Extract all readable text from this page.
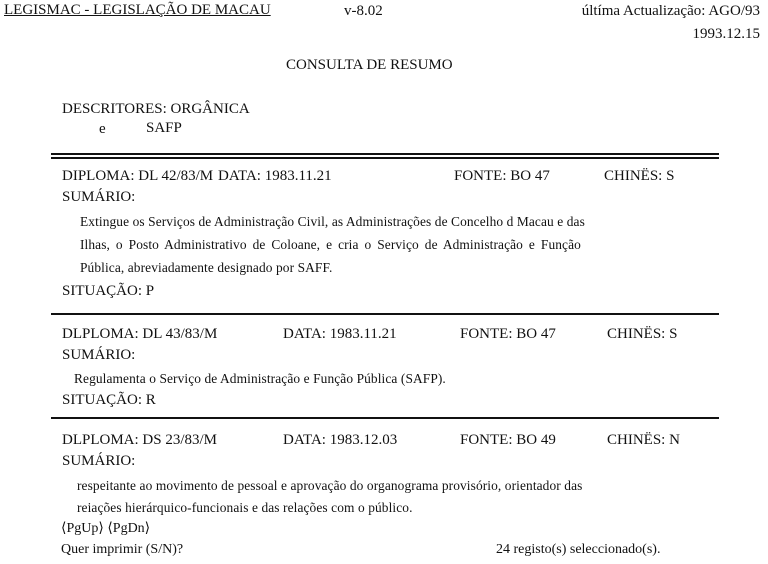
LEGISMAC - LEGISLAÇÃO DE MACAU	v-8.02	últíma Actualização: AGO/93
1993.12.15
CONSULTA DE RESUMO
DESCRITORES: ORGÂNICA
e	SAFP
DIPLOMA: DL 42/83/M DATA: 1983.11.21	FONTE: BO 47	CHINËS: S
SUMÁRIO:
Extingue os Serviços de Administração Civil, as Administrações de Concelho d Macau e das
Ilhas, o Posto Administrativo de Coloane, e cria o Serviço de Administração e Função
Pública, abreviadamente designado por SAFF.
SITUAÇÃO: P
DLPLOMA: DL 43/83/M	DATA: 1983.11.21	FONTE: BO 47	CHINËS: S
SUMÁRIO:
Regulamenta o Serviço de Administração e Função Pública (SAFP).
SITUAÇÃO: R
DLPLOMA: DS 23/83/M	DATA: 1983.12.03	FONTE: BO 49	CHINËS: N
SUMÁRIO:
respeitante ao movimento de pessoal e aprovação do organograma provisório, orientador das
reiações hierárquico-funcionais e das relações com o público.
⟨PgUp⟩ ⟨PgDn⟩
Quer imprimir (S/N)?	24 registo(s) seleccionado(s).
